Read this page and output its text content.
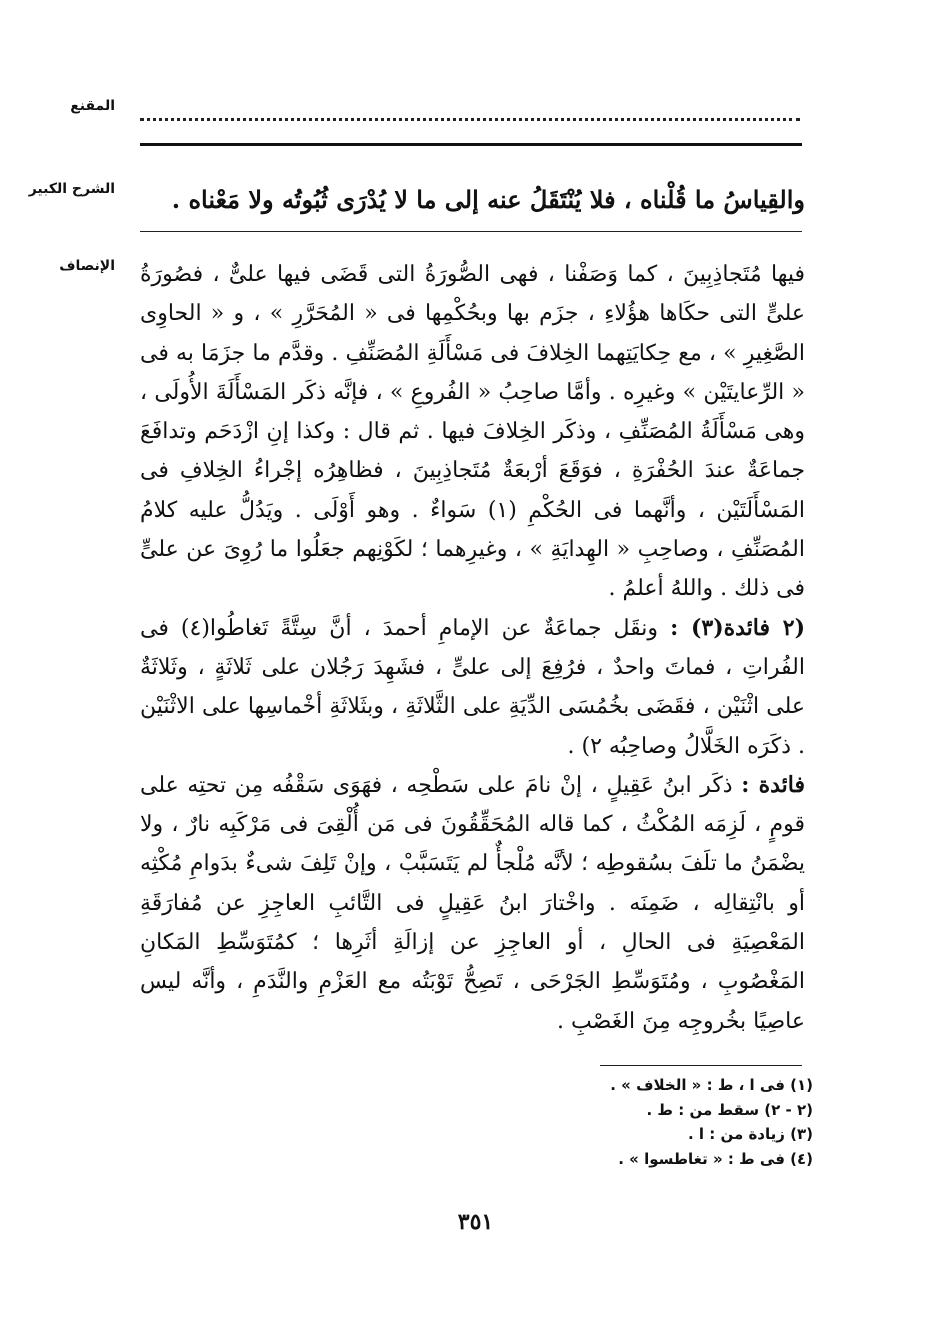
المقنع
الشرح الكبير	والقِياسُ ما قُلْناه ، فلا يُنْتَقَلُ عنه إلى ما لا يُدْرَى ثُبُوتُه ولا مَعْناه .

الإنصاف فيها مُتَجاذِبِينَ ، كما وَصَفْنا ، فهى الصُّورَةُ التى قَضَى فيها علىٌّ ، فصُورَةُ علىٍّ التى حكَاها هؤُلاءِ ، جزَم بها وبحُكْمِها فى « المُحَرَّرِ » ، و « الحاوِى الصَّغِيرِ » ، مع حِكايَتِهما الخِلافَ فى مَسْأَلَةِ المُصَنِّفِ . وقدَّم ما جزَمَا به فى « الرِّعايتَيْن » وغيرِه . وأمَّا صاحِبُ « الفُروعِ » ، فإنَّه ذكَر المَسْأَلَةَ الأُولَى ، وهى مَسْأَلَةُ المُصَنِّفِ ، وذكَر الخِلافَ فيها . ثم قال : وكذا إنِ ازْدَحَم وتدافَعَ جماعَةٌ عندَ الحُفْرَةِ ، فوَقَعَ أرْبعَةٌ مُتَجاذِبِينَ ، فظاهِرُه إجْراءُ الخِلافِ فى المَسْأَلَتَيْن ، وأنَّهما فى الحُكْمِ (١) سَواءٌ . وهو أَوْلَى . ويَدُلُّ عليه كلامُ المُصَنِّفِ ، وصاحِبِ « الهِدايَةِ » ، وغيرِهما ؛ لكَوْنِهم جعَلُوا ما رُوِىَ عن علىٍّ فى ذلك . واللهُ أعلمُ .

(٢ فائدة(٣) : ونقَل جماعَةٌ عن الإمامِ أحمدَ ، أنَّ سِتَّةً تَغاطُوا(٤) فى الفُراتِ ، فماتَ واحدٌ ، فرُفِعَ إلى علىٍّ ، فشَهِدَ رَجُلان على ثَلاثَةٍ ، وثَلاثَةٌ على اثْنَيْن ، فقَضَى بخُمُسَى الدِّيَةِ على الثَّلاثَةِ ، وبثَلاثَةِ أخْماسِها على الاثْنَيْن . ذكَرَه الخَلَّالُ وصاحِبُه ٢) .

فائدة : ذكَر ابنُ عَقِيلٍ ، إنْ نامَ على سَطْحِه ، فهَوَى سَقْفُه مِن تحتِه على قومٍ ، لَزِمَه المُكْثُ ، كما قاله المُحَقِّقُونَ فى مَن أُلْقِىَ فى مَرْكَبِه نارٌ ، ولا يضْمَنُ ما تلَفَ بسُقوطِه ؛ لأنَّه مُلْجأٌ لم يَتَسَبَّبْ ، وإنْ تَلِفَ شىءٌ بدَوامِ مُكْثِه أو بانْتِقالِه ، ضَمِنَه . واخْتارَ ابنُ عَقِيلٍ فى التَّائبِ العاجِزِ عن مُفارَقَةِ المَعْصِيَةِ فى الحالِ ، أو العاجِزِ عن إزالَةِ أثَرِها ؛ كمُتَوَسِّطِ المَكانِ المَغْصُوبِ ، ومُتَوَسِّطِ الجَرْحَى ، تَصِحُّ تَوْبَتُه مع العَزْمِ والنَّدَمِ ، وأنَّه ليس عاصِيًا بخُروجِه مِنَ الغَصْبِ .

(١) فى ا ، ط : « الخلاف » .
(٢ - ٢) سقط من : ط .
(٣) زيادة من : ا .
(٤) فى ط : « تغاطسوا » .
٣٥١
